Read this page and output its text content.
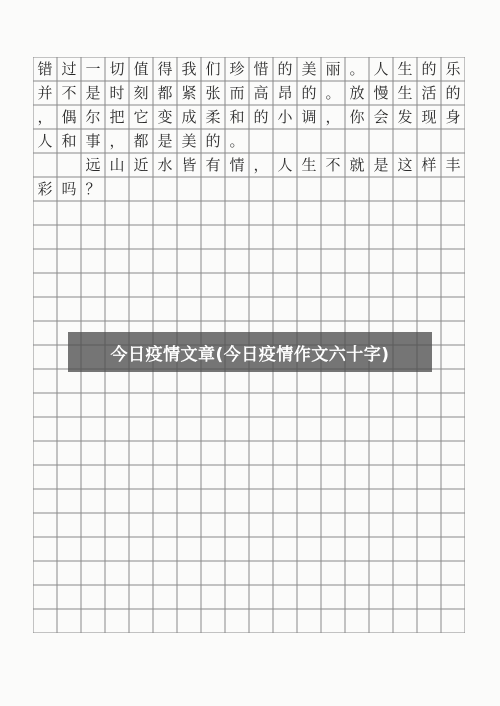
错 过 一 切 值 得 我 们 珍 惜 的 美 丽 。 人 生 的 乐
并 不 是 时 刻 都 紧 张 而 高 昂 的 。 放 慢 生 活 的
， 偶 尔 把 它 变 成 柔 和 的 小 调 ， 你 会 发 现 身
人 和 事 ， 都 是 美 的 。

远 山 近 水 皆 有 情 ， 人 生 不 就 是 这 样 丰
彩 吗 ？
今日疫情文章(今日疫情作文六十字)
